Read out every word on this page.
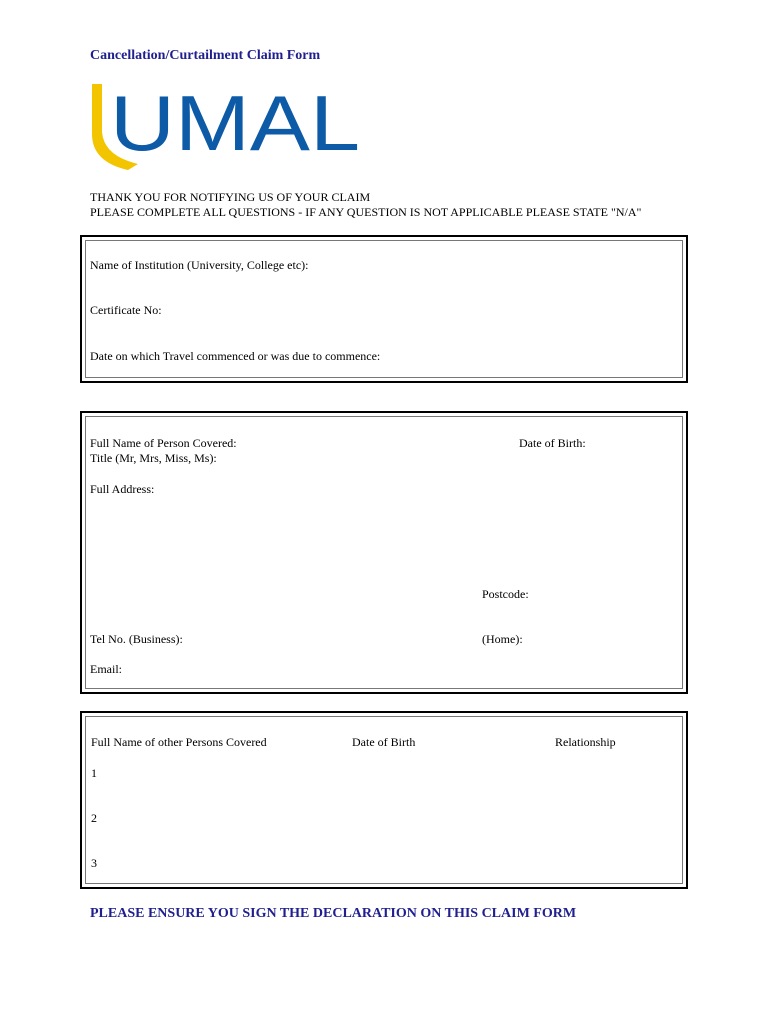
Cancellation/Curtailment Claim Form
UMAL
THANK YOU FOR NOTIFYING US OF YOUR CLAIM
PLEASE COMPLETE ALL QUESTIONS - IF ANY QUESTION IS NOT APPLICABLE PLEASE STATE "N/A"
Name of Institution (University, College etc):
Certificate No:
Date on which Travel commenced or was due to commence:
Full Name of Person Covered:
Title (Mr, Mrs, Miss, Ms):
Date of Birth:
Full Address:
Postcode:
Tel No. (Business):	(Home):
Email:
Full Name of other Persons Covered	Date of Birth	Relationship
1
2
3
PLEASE ENSURE YOU SIGN THE DECLARATION ON THIS CLAIM FORM
